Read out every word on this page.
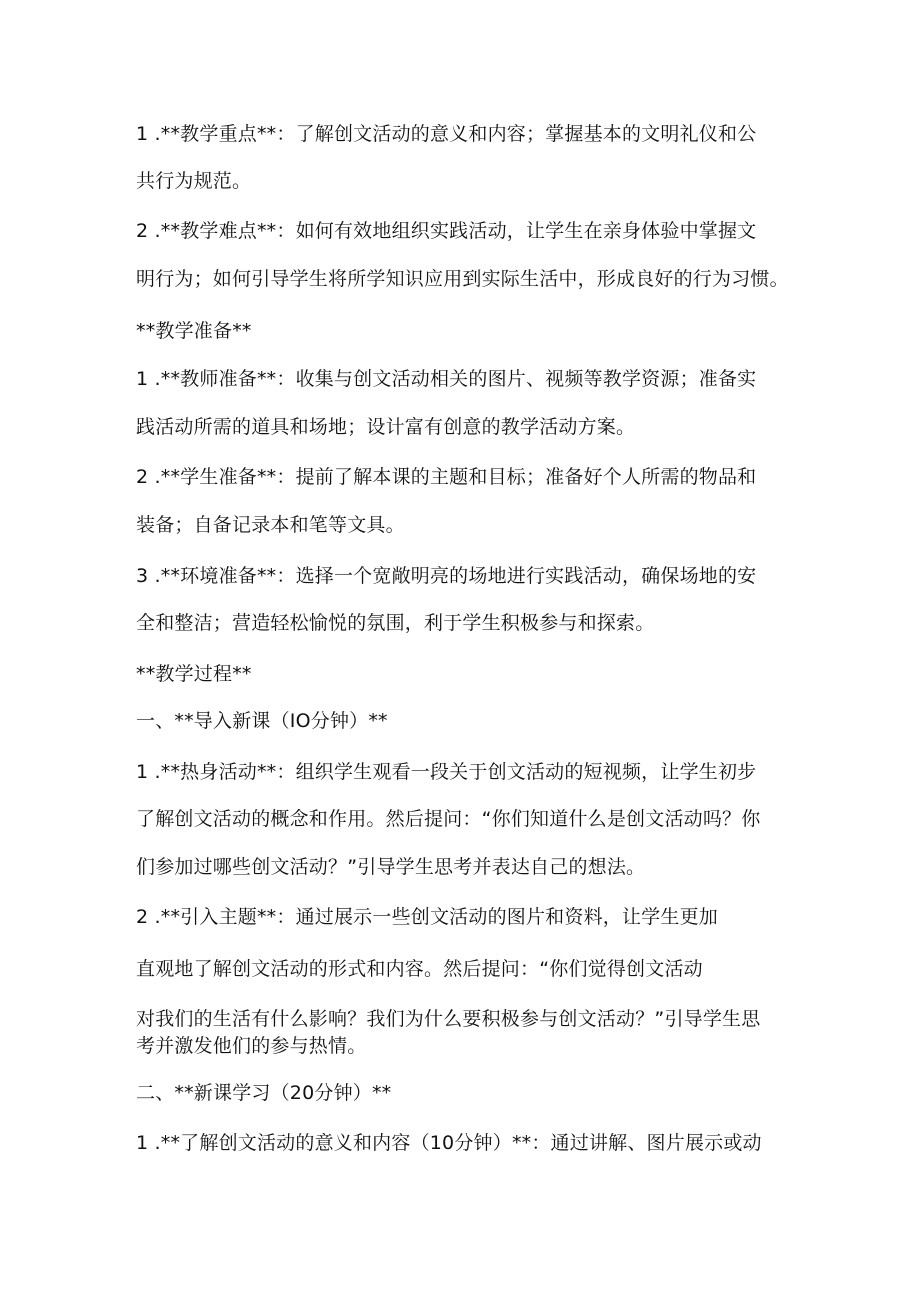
1 .**教学重点**：了解创文活动的意义和内容；掌握基本的文明礼仪和公
共行为规范。
2 .**教学难点**：如何有效地组织实践活动，让学生在亲身体验中掌握文
明行为；如何引导学生将所学知识应用到实际生活中，形成良好的行为习惯。
**教学准备**
1 .**教师准备**：收集与创文活动相关的图片、视频等教学资源；准备实
践活动所需的道具和场地；设计富有创意的教学活动方案。
2 .**学生准备**：提前了解本课的主题和目标；准备好个人所需的物品和
装备；自备记录本和笔等文具。
3 .**环境准备**：选择一个宽敞明亮的场地进行实践活动，确保场地的安
全和整洁；营造轻松愉悦的氛围，利于学生积极参与和探索。
**教学过程**
一、**导入新课（IO分钟）**
1 .**热身活动**：组织学生观看一段关于创文活动的短视频，让学生初步
了解创文活动的概念和作用。然后提问：“你们知道什么是创文活动吗？你
们参加过哪些创文活动？”引导学生思考并表达自己的想法。
2 .**引入主题**：通过展示一些创文活动的图片和资料，让学生更加
直观地了解创文活动的形式和内容。然后提问：“你们觉得创文活动
对我们的生活有什么影响？我们为什么要积极参与创文活动？”引导学生思
考并激发他们的参与热情。
二、**新课学习（20分钟）**
1 .**了解创文活动的意义和内容（10分钟）**：通过讲解、图片展示或动
